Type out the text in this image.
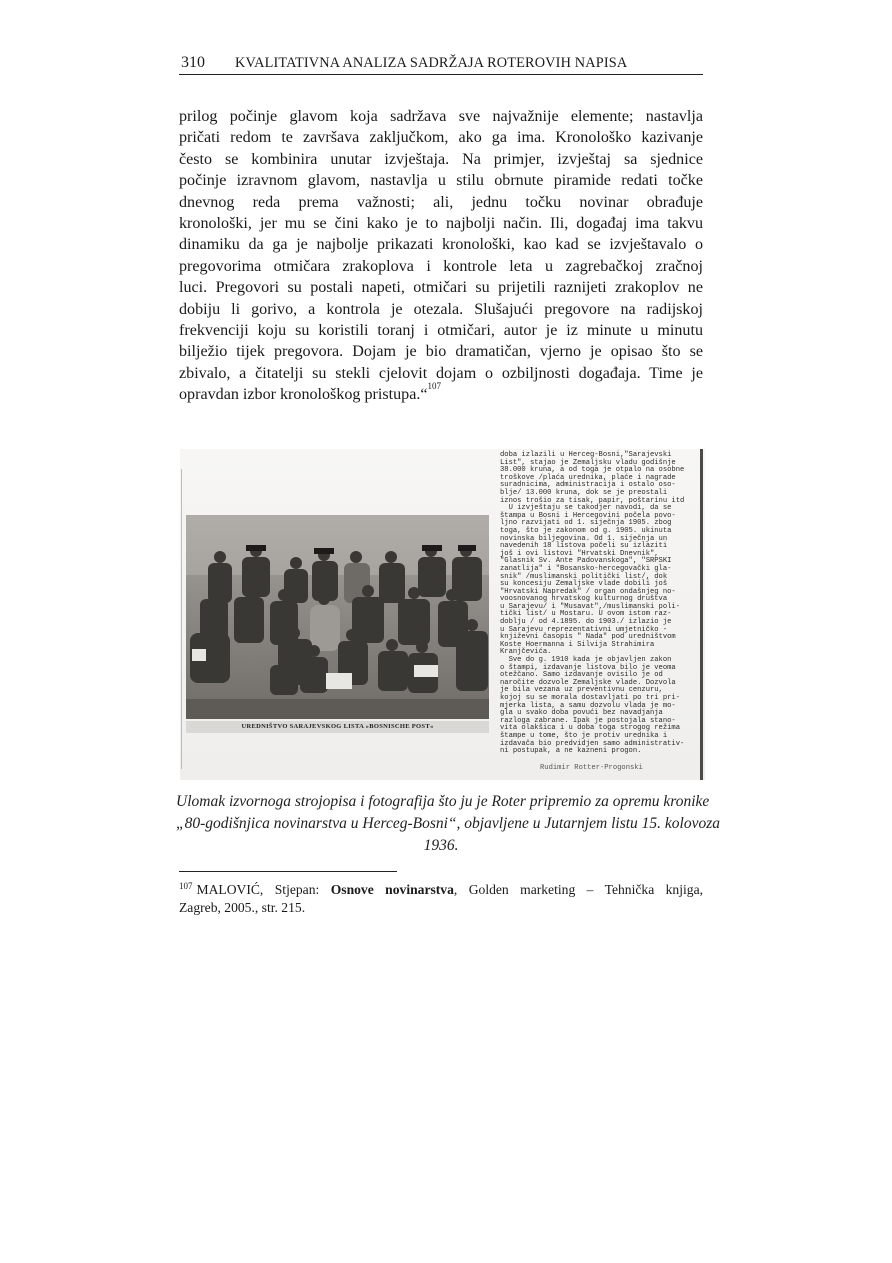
310 KVALITATIVNA ANALIZA SADRŽAJA ROTEROVIH NAPISA
prilog počinje glavom koja sadržava sve najvažnije elemente; nastavlja
pričati redom te završava zaključkom, ako ga ima. Kronološko kazivanje
često se kombinira unutar izvještaja. Na primjer, izvještaj sa sjednice
počinje izravnom glavom, nastavlja u stilu obrnute piramide redati točke
dnevnog reda prema važnosti; ali, jednu točku novinar obrađuje
kronološki, jer mu se čini kako je to najbolji način. Ili, događaj ima takvu
dinamiku da ga je najbolje prikazati kronološki, kao kad se izvještavalo o
pregovorima otmičara zrakoplova i kontrole leta u zagrebačkoj zračnoj
luci. Pregovori su postali napeti, otmičari su prijetili raznijeti zrakoplov ne
dobiju li gorivo, a kontrola je otezala. Slušajući pregovore na radijskoj
frekvenciji koju su koristili toranj i otmičari, autor je iz minute u minutu
bilježio tijek pregovora. Dojam je bio dramatičan, vjerno je opisao što se
zbivalo, a čitatelji su stekli cjelovit dojam o ozbiljnosti događaja. Time je
opravdan izbor kronološkog pristupa.“$^{107}$
UREDNIŠTVO SARAJEVSKOG LISTA »BOSNISCHE POST«
doba izlazili u Herceg-Bosni,"Sarajevski
List", stajao je Zemaljsku vladu godišnje
38.000 kruna, a od toga je otpalo na osobne
troškove /plaća urednika, plaće i nagrade
suradnicima, administracija i ostalo oso-
blje/ 13.000 kruna, dok se je preostali
iznos trošio za tisak, papir, poštarinu itd
U izvještaju se takodjer navodi, da se
štampa u Bosni i Hercegovini počela povo-
ljno razvijati od 1. siječnja 1905. zbog
toga, što je zakonom od g. 1905. ukinuta
novinska biljegovina. Od 1. siječnja un
navedenih 18 listova počeli su izlaziti
još i ovi listovi "Hrvatski Dnevnik",
"Glasnik Sv. Ante Padovanskoga", "SRPSKI
zanatlija" i "Bosansko-hercegovački gla-
snik" /muslimanski politički list/, dok
su koncesiju Zemaljske vlade dobili još
"Hrvatski Napredak" / organ ondašnjeg no-
voosnovanog hrvatskog kulturnog društva
u Sarajevu/ i "Musavat",/muslimanski poli-
tički list/ u Mostaru. U ovom istom raz-
doblju / od 4.1895. do 1903./ izlazio je
u Sarajevu reprezentativni umjetničko -
književni časopis " Nada" pod uredništvom
Koste Hoermanna i Silvija Strahimira
Kranjčevića.
Sve do g. 1910 kada je objavljen zakon
o štampi, izdavanje listova bilo je veoma
otežčano. Samo izdavanje ovisilo je od
naročite dozvole Zemaljske vlade. Dozvola
je bila vezana uz preventivnu cenzuru,
kojoj su se morala dostavljati po tri pri-
mjerka lista, a samu dozvolu vlada je mo-
gla u svako doba povući bez navadjanja
razloga zabrane. Ipak je postojala stano-
vita olakšica i u doba toga strogog režima
štampe u tome, što je protiv urednika i
izdavača bio predvidjen samo administrativ-
ni postupak, a ne kazneni progon.
Rudimir Rotter-Progonski
Ulomak izvornoga strojopisa i fotografija što ju je Roter pripremio za opremu kronike
„80-godišnjica novinarstva u Herceg-Bosni“, objavljene u Jutarnjem listu 15. kolovoza
1936.
$^{107}$ MALOVIĆ, Stjepan: Osnove novinarstva, Golden marketing – Tehnička knjiga,
Zagreb, 2005., str. 215.
